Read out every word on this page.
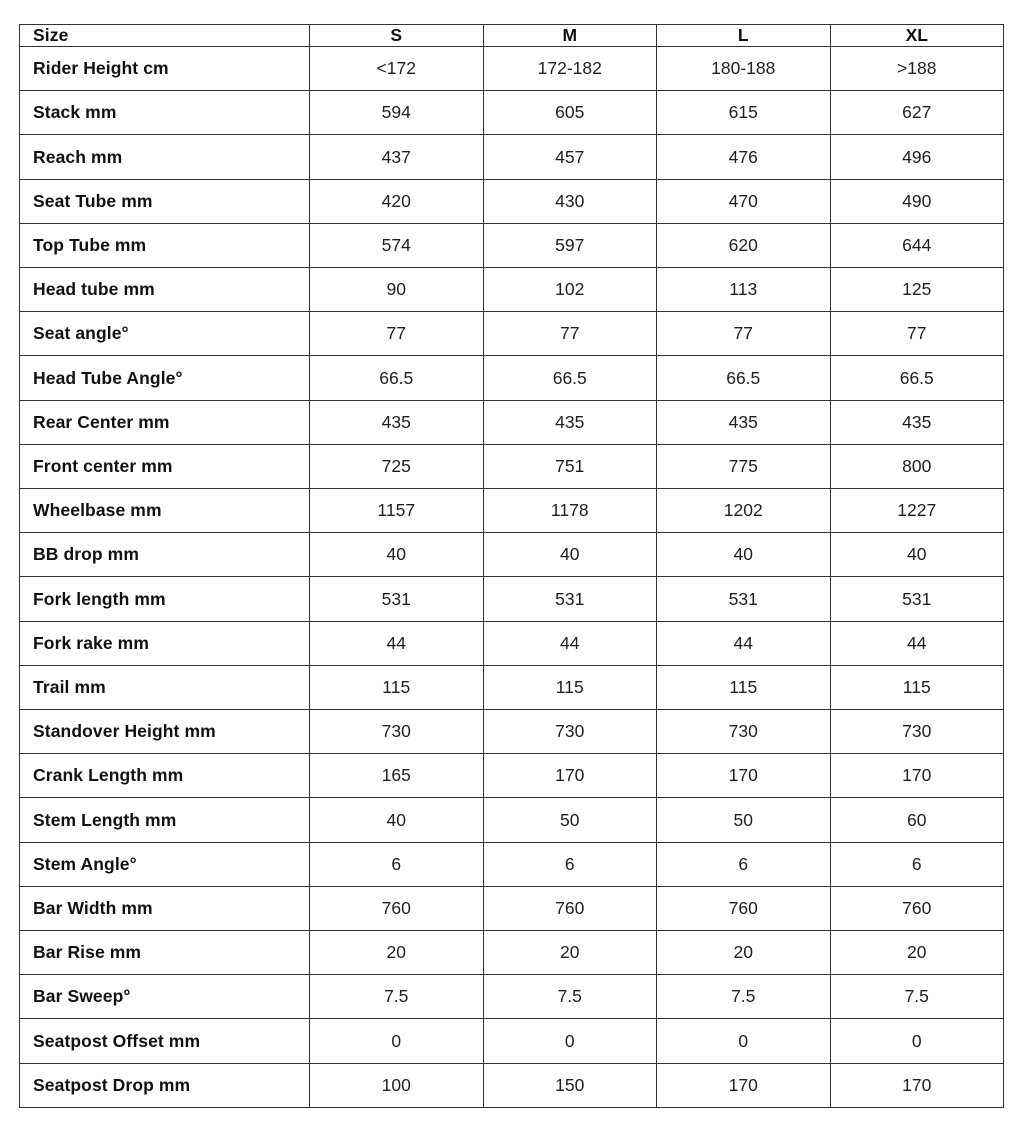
Size	S	M	L	XL
Rider Height cm	<172	172-182	180-188	>188
Stack mm	594	605	615	627
Reach mm	437	457	476	496
Seat Tube mm	420	430	470	490
Top Tube mm	574	597	620	644
Head tube mm	90	102	113	125
Seat angle°	77	77	77	77
Head Tube Angle°	66.5	66.5	66.5	66.5
Rear Center mm	435	435	435	435
Front center mm	725	751	775	800
Wheelbase mm	1157	1178	1202	1227
BB drop mm	40	40	40	40
Fork length mm	531	531	531	531
Fork rake mm	44	44	44	44
Trail mm	115	115	115	115
Standover Height mm	730	730	730	730
Crank Length mm	165	170	170	170
Stem Length mm	40	50	50	60
Stem Angle°	6	6	6	6
Bar Width mm	760	760	760	760
Bar Rise mm	20	20	20	20
Bar Sweep°	7.5	7.5	7.5	7.5
Seatpost Offset mm	0	0	0	0
Seatpost Drop mm	100	150	170	170
